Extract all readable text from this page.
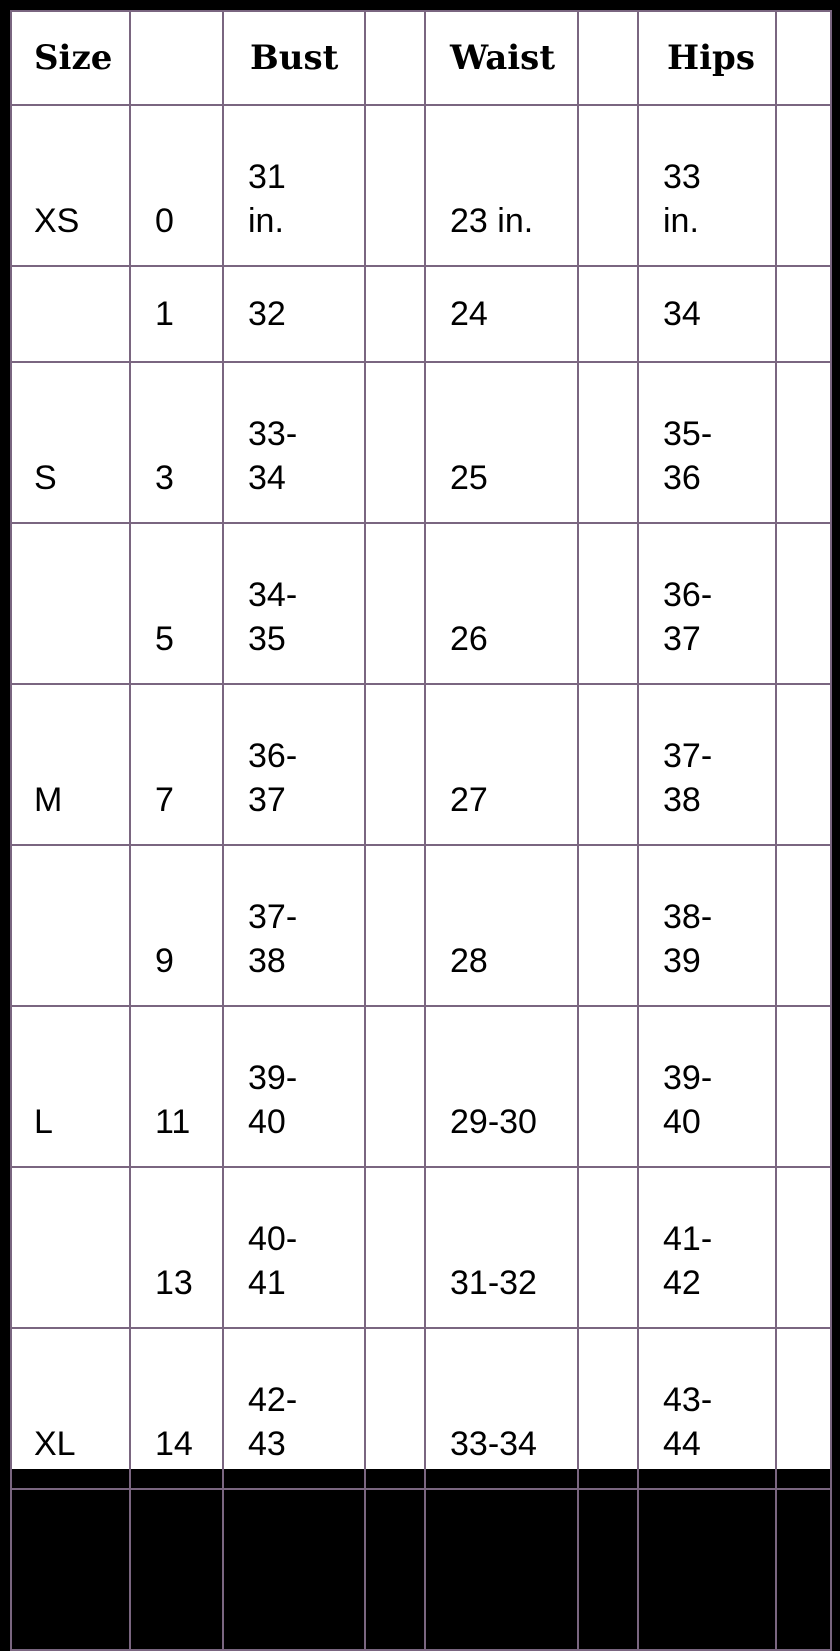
Size		Bust		Waist		Hips	
XS	0	31 in.		23 in.		33 in.	

	1	32		24		34	

S	3	33-34		25		35-36	

	5	34-35		26		36-37	

M	7	36-37		27		37-38	

	9	37-38		28		38-39	

L	11	39-40		29-30		39-40	

	13	40-41		31-32		41-42	

XL	14	42-43		33-34		43-44	

	16	43-44		35-36		44-45	
